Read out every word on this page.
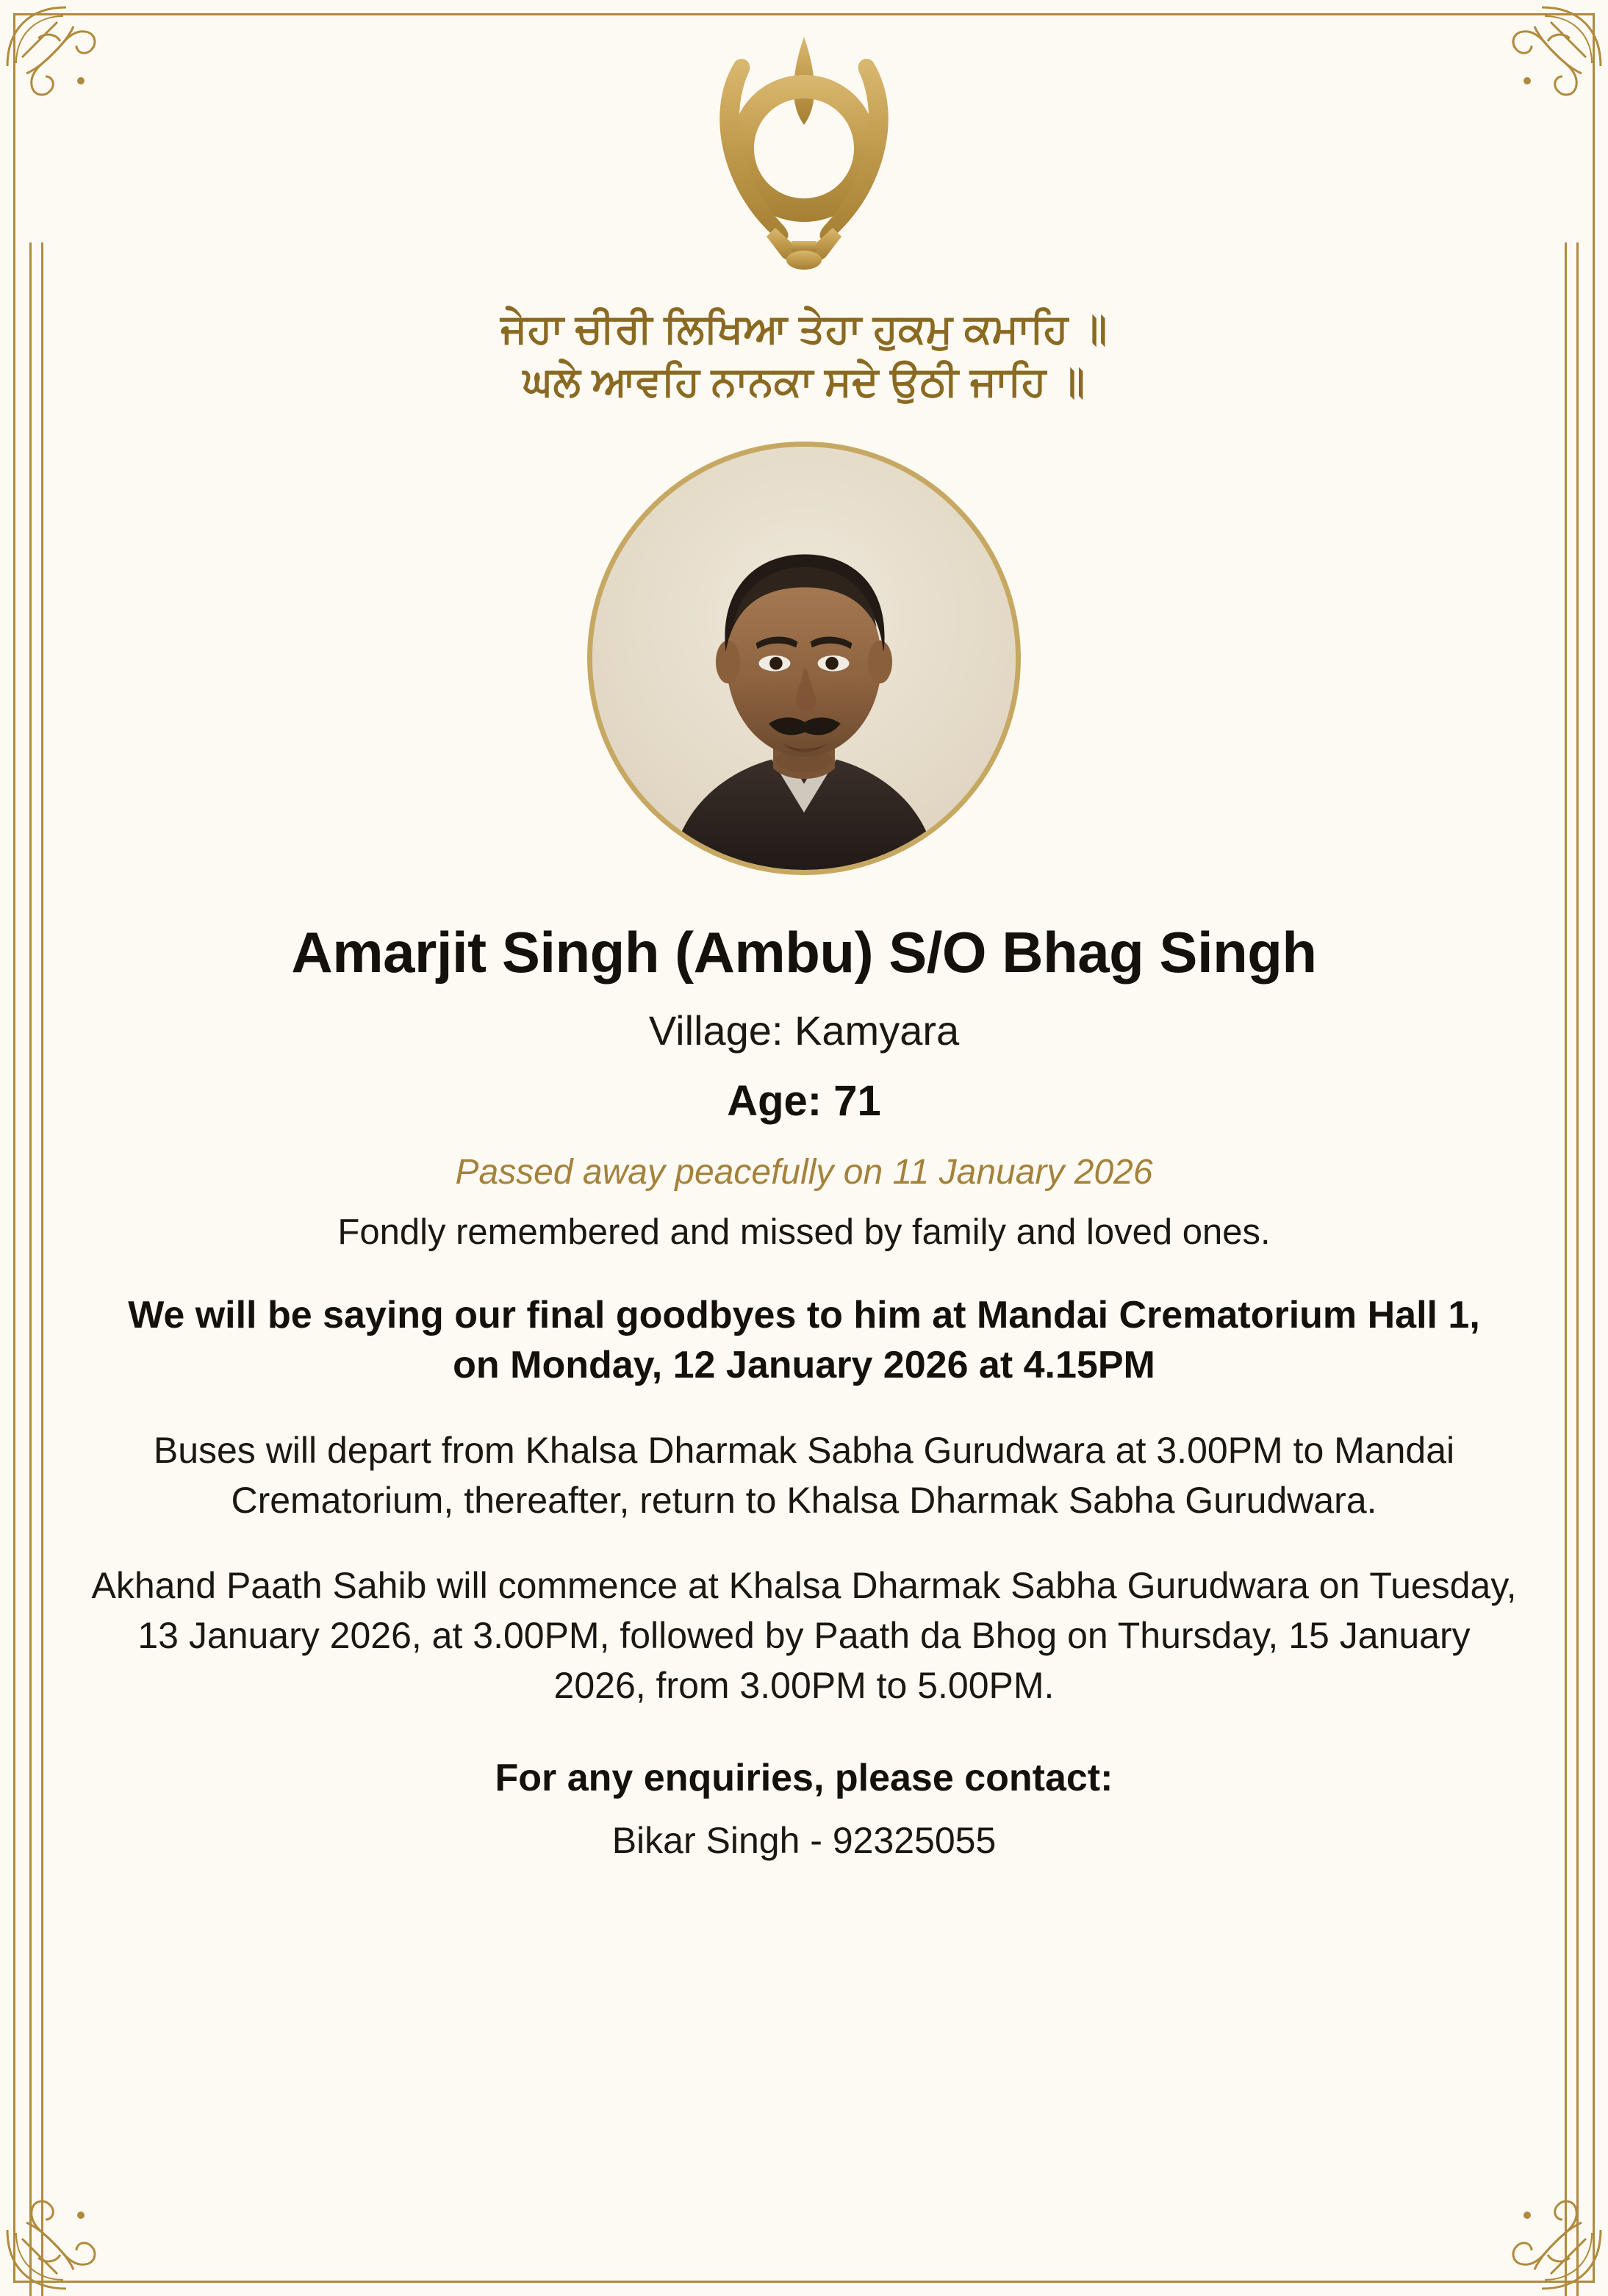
ਜੇਹਾ ਚੀਰੀ ਲਿਖਿਆ ਤੇਹਾ ਹੁਕਮੁ ਕਮਾਹਿ ॥
ਘਲੇ ਆਵਹਿ ਨਾਨਕਾ ਸਦੇ ਉਠੀ ਜਾਹਿ ॥
Amarjit Singh (Ambu) S/O Bhag Singh
Village: Kamyara
Age: 71
Passed away peacefully on 11 January 2026
Fondly remembered and missed by family and loved ones.
We will be saying our final goodbyes to him at Mandai Crematorium Hall 1, on Monday, 12 January 2026 at 4.15PM
Buses will depart from Khalsa Dharmak Sabha Gurudwara at 3.00PM to Mandai Crematorium, thereafter, return to Khalsa Dharmak Sabha Gurudwara.
Akhand Paath Sahib will commence at Khalsa Dharmak Sabha Gurudwara on Tuesday, 13 January 2026, at 3.00PM, followed by Paath da Bhog on Thursday, 15 January 2026, from 3.00PM to 5.00PM.
For any enquiries, please contact:
Bikar Singh - 92325055
